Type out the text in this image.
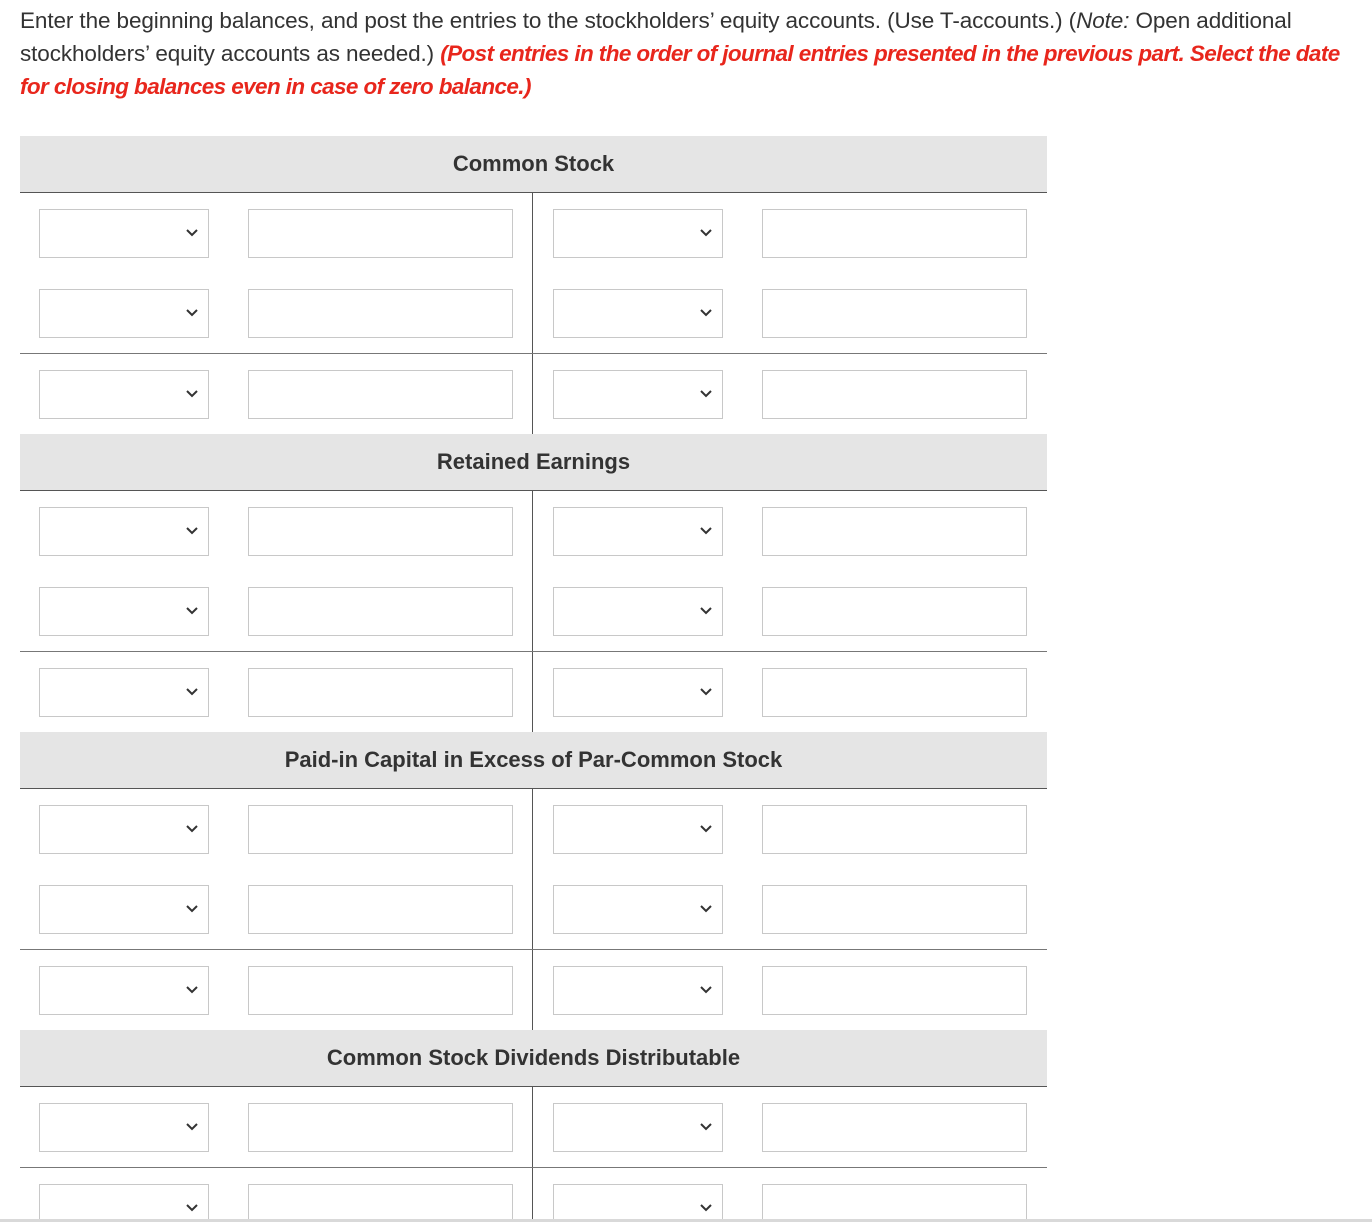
Enter the beginning balances, and post the entries to the stockholders’ equity accounts. (Use T-accounts.) (Note: Open additional stockholders’ equity accounts as needed.) (Post entries in the order of journal entries presented in the previous part. Select the date for closing balances even in case of zero balance.)
Common Stock
Retained Earnings
Paid-in Capital in Excess of Par-Common Stock
Common Stock Dividends Distributable
